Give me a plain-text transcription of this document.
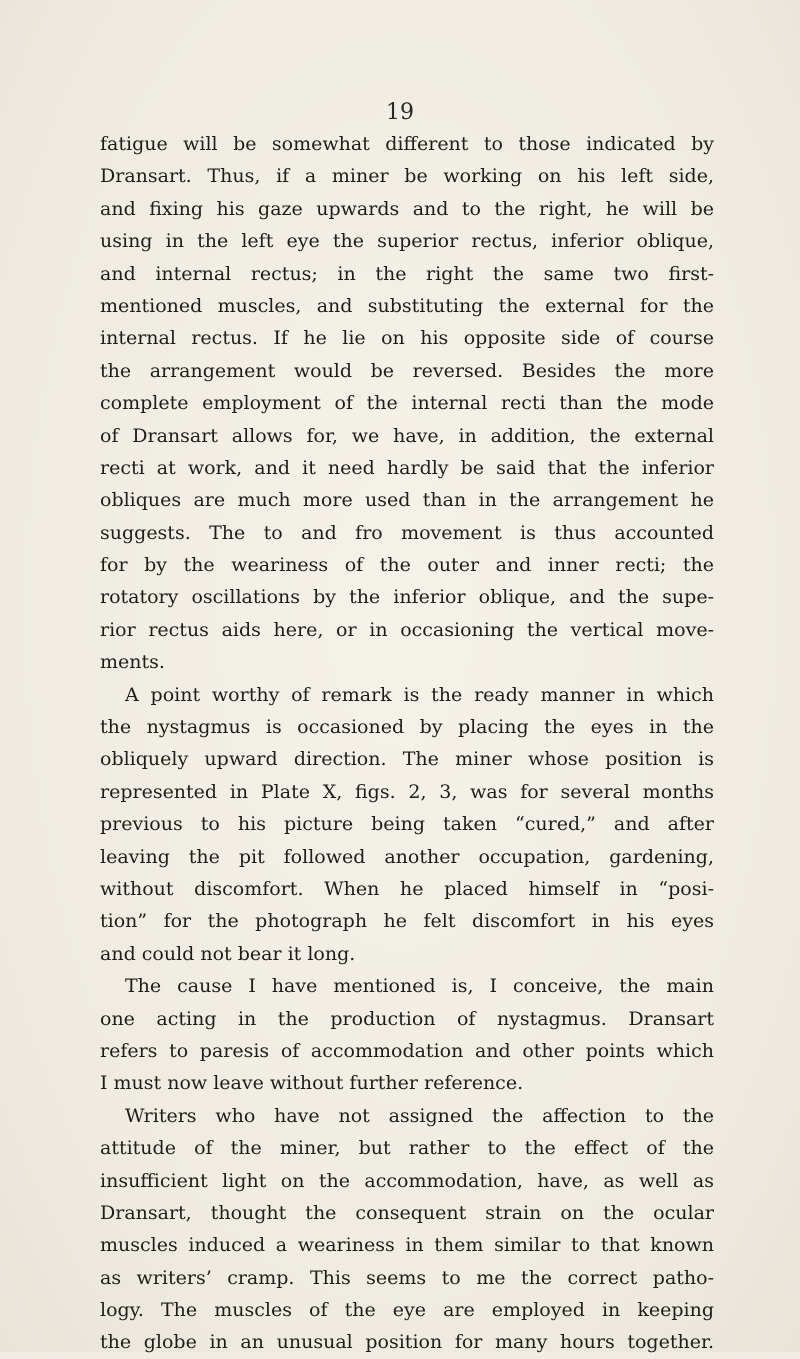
19

fatigue will be somewhat different to those indicated by
Dransart. Thus, if a miner be working on his left side,
and fixing his gaze upwards and to the right, he will be
using in the left eye the superior rectus, inferior oblique,
and internal rectus; in the right the same two first-
mentioned muscles, and substituting the external for the
internal rectus. If he lie on his opposite side of course
the arrangement would be reversed. Besides the more
complete employment of the internal recti than the mode
of Dransart allows for, we have, in addition, the external
recti at work, and it need hardly be said that the inferior
obliques are much more used than in the arrangement he
suggests. The to and fro movement is thus accounted
for by the weariness of the outer and inner recti; the
rotatory oscillations by the inferior oblique, and the supe-
rior rectus aids here, or in occasioning the vertical move-
ments.
A point worthy of remark is the ready manner in which
the nystagmus is occasioned by placing the eyes in the
obliquely upward direction. The miner whose position is
represented in Plate X, figs. 2, 3, was for several months
previous to his picture being taken “cured,” and after
leaving the pit followed another occupation, gardening,
without discomfort. When he placed himself in “posi-
tion” for the photograph he felt discomfort in his eyes
and could not bear it long.
The cause I have mentioned is, I conceive, the main
one acting in the production of nystagmus. Dransart
refers to paresis of accommodation and other points which
I must now leave without further reference.
Writers who have not assigned the affection to the
attitude of the miner, but rather to the effect of the
insufficient light on the accommodation, have, as well as
Dransart, thought the consequent strain on the ocular
muscles induced a weariness in them similar to that known
as writers’ cramp. This seems to me the correct patho-
logy. The muscles of the eye are employed in keeping
the globe in an unusual position for many hours together.
